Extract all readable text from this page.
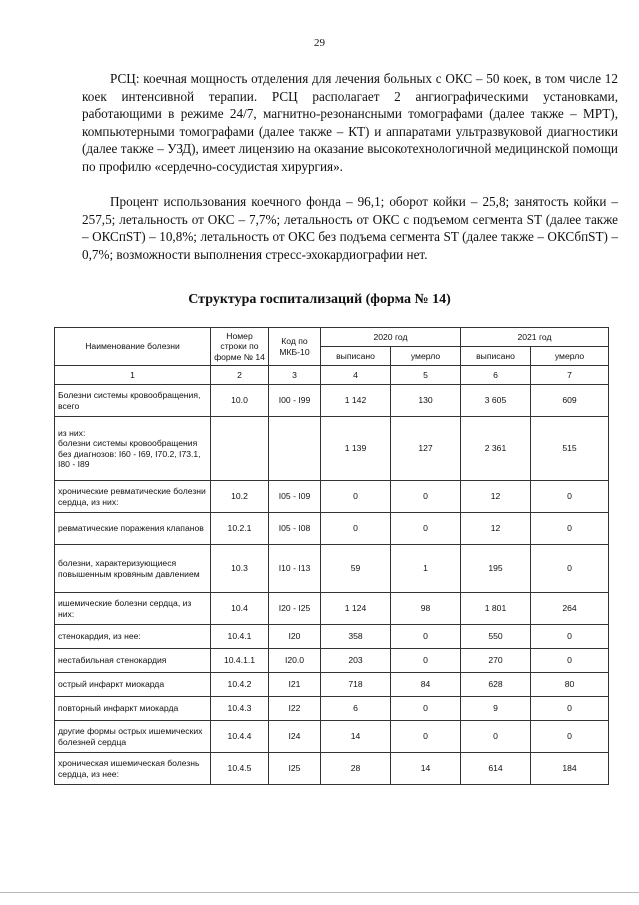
29

РСЦ: коечная мощность отделения для лечения больных с ОКС – 50 коек, в том числе 12 коек интенсивной терапии. РСЦ располагает 2 ангиографическими установками, работающими в режиме 24/7, магнитно-резонансными томографами (далее также – МРТ), компьютерными томографами (далее также – КТ) и аппаратами ультразвуковой диагностики (далее также – УЗД), имеет лицензию на оказание высокотехнологичной медицинской помощи по профилю «сердечно-сосудистая хирургия».

Процент использования коечного фонда – 96,1; оборот койки – 25,8; занятость койки – 257,5; летальность от ОКС – 7,7%; летальность от ОКС с подъемом сегмента ST (далее также – ОКСпST) – 10,8%; летальность от ОКС без подъема сегмента ST (далее также – ОКСбпST) – 0,7%; возможности выполнения стресс-эхокардиографии нет.

Структура госпитализаций (форма № 14)
Наименование болезни	Номер строки по форме № 14	Код по МКБ-10	2020 год		2021 год	
			выписано	умерло	выписано	умерло
1	2	3	4	5	6	7
Болезни системы кровообращения, всего	10.0	I00 - I99	1 142	130	3 605	609
из них:
болезни системы кровообращения без диагнозов: I60 - I69, I70.2, I73.1, I80 - I89			1 139	127	2 361	515
хронические ревматические болезни сердца, из них:	10.2	I05 - I09	0	0	12	0
ревматические поражения клапанов	10.2.1	I05 - I08	0	0	12	0
болезни, характеризующиеся повышенным кровяным давлением	10.3	I10 - I13	59	1	195	0
ишемические болезни сердца, из них:	10.4	I20 - I25	1 124	98	1 801	264
стенокардия, из нее:	10.4.1	I20	358	0	550	0
нестабильная стенокардия	10.4.1.1	I20.0	203	0	270	0
острый инфаркт миокарда	10.4.2	I21	718	84	628	80
повторный инфаркт миокарда	10.4.3	I22	6	0	9	0
другие формы острых ишемических болезней сердца	10.4.4	I24	14	0	0	0
хроническая ишемическая болезнь сердца, из нее:	10.4.5	I25	28	14	614	184
